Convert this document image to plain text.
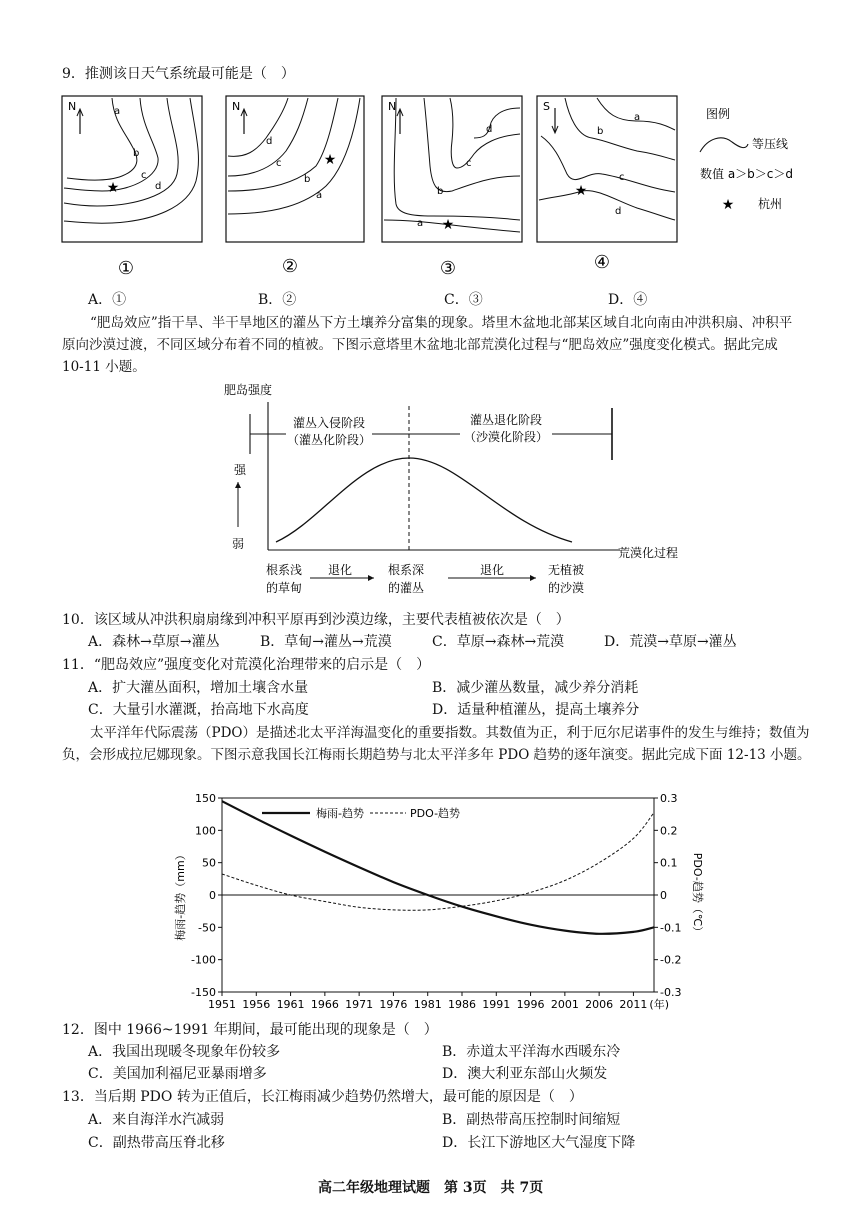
9．推测该日天气系统最可能是（　）
N	a
b
c
d
★
N
d
c
b
a
★
N
d
c
b
a ★
S
a
b
c
d
★
图例
等压线
数值 a＞b＞c＞d
★ 杭州
①	②	③	④
A．①	B．②	C．③	D．④
“肥岛效应”指干旱、半干旱地区的灌丛下方土壤养分富集的现象。塔里木盆地北部某区域自北向南由冲洪积扇、冲积平原向沙漠过渡，不同区域分布着不同的植被。下图示意塔里木盆地北部荒漠化过程与“肥岛效应”强度变化模式。据此完成 10-11 小题。
肥岛强度
荒漠化过程
灌丛入侵阶段
（灌丛化阶段）
灌丛退化阶段
（沙漠化阶段）
强
弱
根系浅
的草甸
退化	根系深
的灌丛
退化	无植被
的沙漠
10．该区域从冲洪积扇扇缘到冲积平原再到沙漠边缘，主要代表植被依次是（　）
A．森林→草原→灌丛	B．草甸→灌丛→荒漠	C．草原→森林→荒漠	D．荒漠→草原→灌丛
11．“肥岛效应”强度变化对荒漠化治理带来的启示是（　）
A．扩大灌丛面积，增加土壤含水量	B．减少灌丛数量，减少养分消耗
C．大量引水灌溉，抬高地下水高度	D．适量种植灌丛，提高土壤养分
太平洋年代际震荡（PDO）是描述北太平洋海温变化的重要指数。其数值为正，利于厄尔尼诺事件的发生与维持；数值为负，会形成拉尼娜现象。下图示意我国长江梅雨长期趋势与北太平洋多年 PDO 趋势的逐年演变。据此完成下面 12-13 小题。
150
100
50
0
-50
-100
-150
0.3
0.2
0.1
0
-0.1
-0.2
-0.3
1951 1956 1961 1966 1971 1976 1981 1986 1991 1996 2001 2006 2011 (年)
梅雨-趋势	PDO-趋势
梅雨-趋势（mm）	PDO-趋势（℃）
12．图中 1966~1991 年期间，最可能出现的现象是（　）
A．我国出现暖冬现象年份较多	B．赤道太平洋海水西暖东冷
C．美国加利福尼亚暴雨增多	D．澳大利亚东部山火频发
13．当后期 PDO 转为正值后，长江梅雨减少趋势仍然增大，最可能的原因是（　）
A．来自海洋水汽减弱	B．副热带高压控制时间缩短
C．副热带高压脊北移	D．长江下游地区大气湿度下降
高二年级地理试题　第 3页　共 7页
